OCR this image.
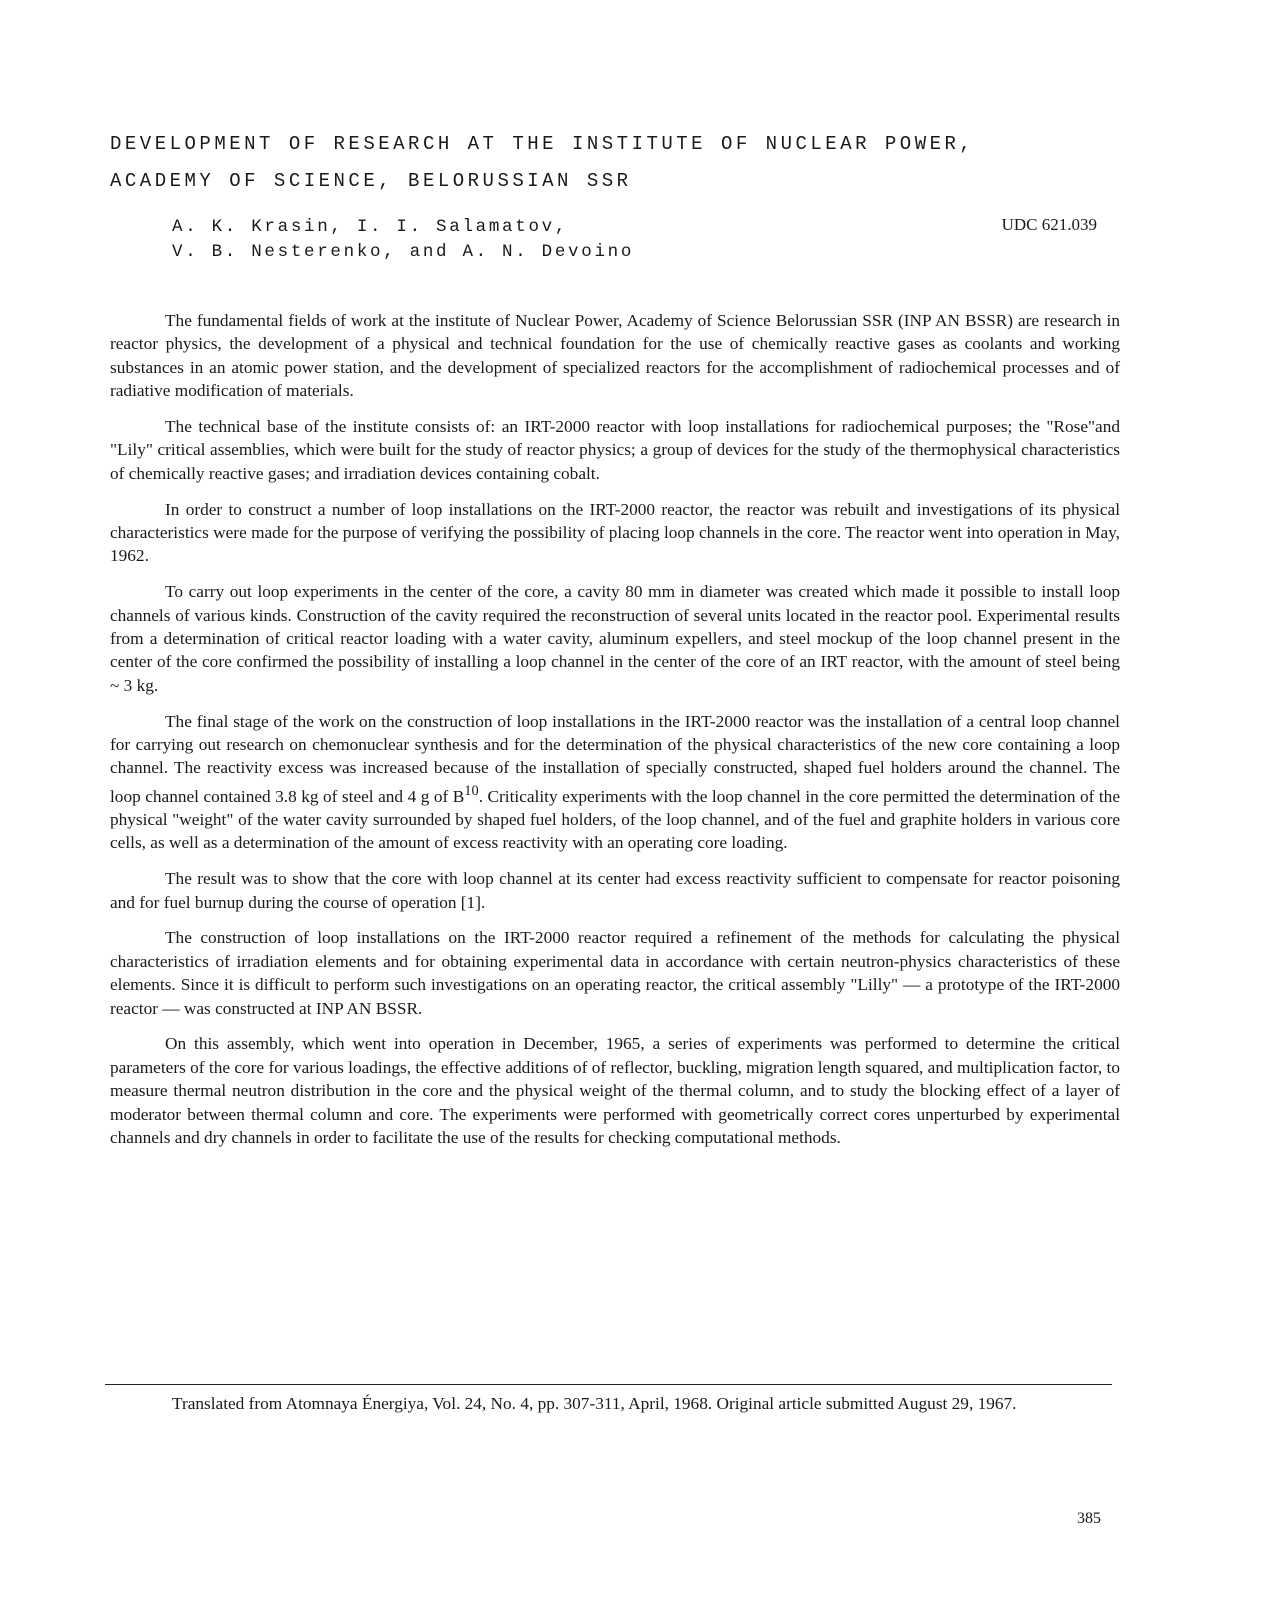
DEVELOPMENT OF RESEARCH AT THE INSTITUTE OF NUCLEAR POWER,
ACADEMY OF SCIENCE, BELORUSSIAN SSR
A. K. Krasin, I. I. Salamatov,
V. B. Nesterenko, and A. N. Devoino
UDC 621.039

The fundamental fields of work at the institute of Nuclear Power, Academy of Science Belorussian SSR (INP AN BSSR) are research in reactor physics, the development of a physical and technical foundation for the use of chemically reactive gases as coolants and working substances in an atomic power station, and the development of specialized reactors for the accomplishment of radiochemical processes and of radiative modification of materials.

The technical base of the institute consists of: an IRT-2000 reactor with loop installations for radiochemical purposes; the "Rose"and "Lily" critical assemblies, which were built for the study of reactor physics; a group of devices for the study of the thermophysical characteristics of chemically reactive gases; and irradiation devices containing cobalt.

In order to construct a number of loop installations on the IRT-2000 reactor, the reactor was rebuilt and investigations of its physical characteristics were made for the purpose of verifying the possibility of placing loop channels in the core. The reactor went into operation in May, 1962.

To carry out loop experiments in the center of the core, a cavity 80 mm in diameter was created which made it possible to install loop channels of various kinds. Construction of the cavity required the reconstruction of several units located in the reactor pool. Experimental results from a determination of critical reactor loading with a water cavity, aluminum expellers, and steel mockup of the loop channel present in the center of the core confirmed the possibility of installing a loop channel in the center of the core of an IRT reactor, with the amount of steel being ~ 3 kg.

The final stage of the work on the construction of loop installations in the IRT-2000 reactor was the installation of a central loop channel for carrying out research on chemonuclear synthesis and for the determination of the physical characteristics of the new core containing a loop channel. The reactivity excess was increased because of the installation of specially constructed, shaped fuel holders around the channel. The loop channel contained 3.8 kg of steel and 4 g of $B^{10}$. Criticality experiments with the loop channel in the core permitted the determination of the physical "weight" of the water cavity surrounded by shaped fuel holders, of the loop channel, and of the fuel and graphite holders in various core cells, as well as a determination of the amount of excess reactivity with an operating core loading.

The result was to show that the core with loop channel at its center had excess reactivity sufficient to compensate for reactor poisoning and for fuel burnup during the course of operation [1].

The construction of loop installations on the IRT-2000 reactor required a refinement of the methods for calculating the physical characteristics of irradiation elements and for obtaining experimental data in accordance with certain neutron-physics characteristics of these elements. Since it is difficult to perform such investigations on an operating reactor, the critical assembly "Lilly" — a prototype of the IRT-2000 reactor — was constructed at INP AN BSSR.

On this assembly, which went into operation in December, 1965, a series of experiments was performed to determine the critical parameters of the core for various loadings, the effective additions of of reflector, buckling, migration length squared, and multiplication factor, to measure thermal neutron distribution in the core and the physical weight of the thermal column, and to study the blocking effect of a layer of moderator between thermal column and core. The experiments were performed with geometrically correct cores unperturbed by experimental channels and dry channels in order to facilitate the use of the results for checking computational methods.

Translated from Atomnaya Énergiya, Vol. 24, No. 4, pp. 307-311, April, 1968. Original article submitted August 29, 1967.

385
